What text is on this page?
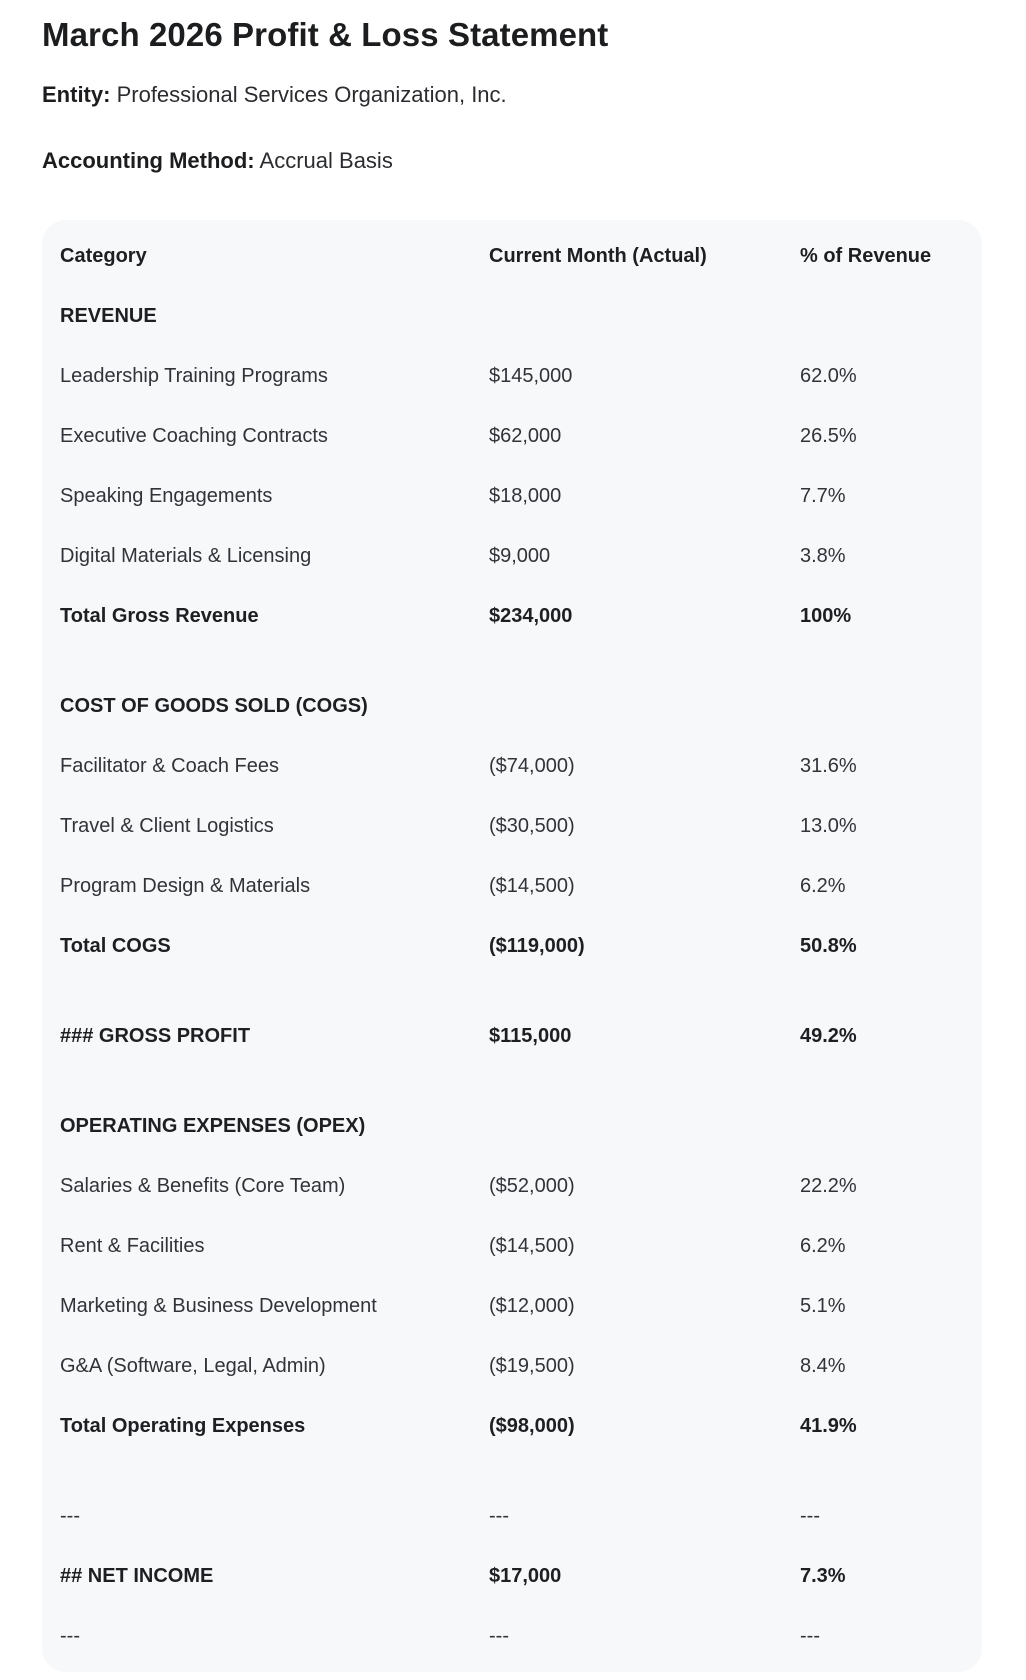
March 2026 Profit & Loss Statement

Entity: Professional Services Organization, Inc.

Accounting Method: Accrual Basis

Category	Current Month (Actual)	% of Revenue
REVENUE		
Leadership Training Programs	$145,000	62.0%
Executive Coaching Contracts	$62,000	26.5%
Speaking Engagements	$18,000	7.7%
Digital Materials & Licensing	$9,000	3.8%
Total Gross Revenue	$234,000	100%

COST OF GOODS SOLD (COGS)		
Facilitator & Coach Fees	($74,000)	31.6%
Travel & Client Logistics	($30,500)	13.0%
Program Design & Materials	($14,500)	6.2%
Total COGS	($119,000)	50.8%

### GROSS PROFIT	$115,000	49.2%

OPERATING EXPENSES (OPEX)		
Salaries & Benefits (Core Team)	($52,000)	22.2%
Rent & Facilities	($14,500)	6.2%
Marketing & Business Development	($12,000)	5.1%
G&A (Software, Legal, Admin)	($19,500)	8.4%
Total Operating Expenses	($98,000)	41.9%

---	---	---
## NET INCOME	$17,000	7.3%
---	---	---
